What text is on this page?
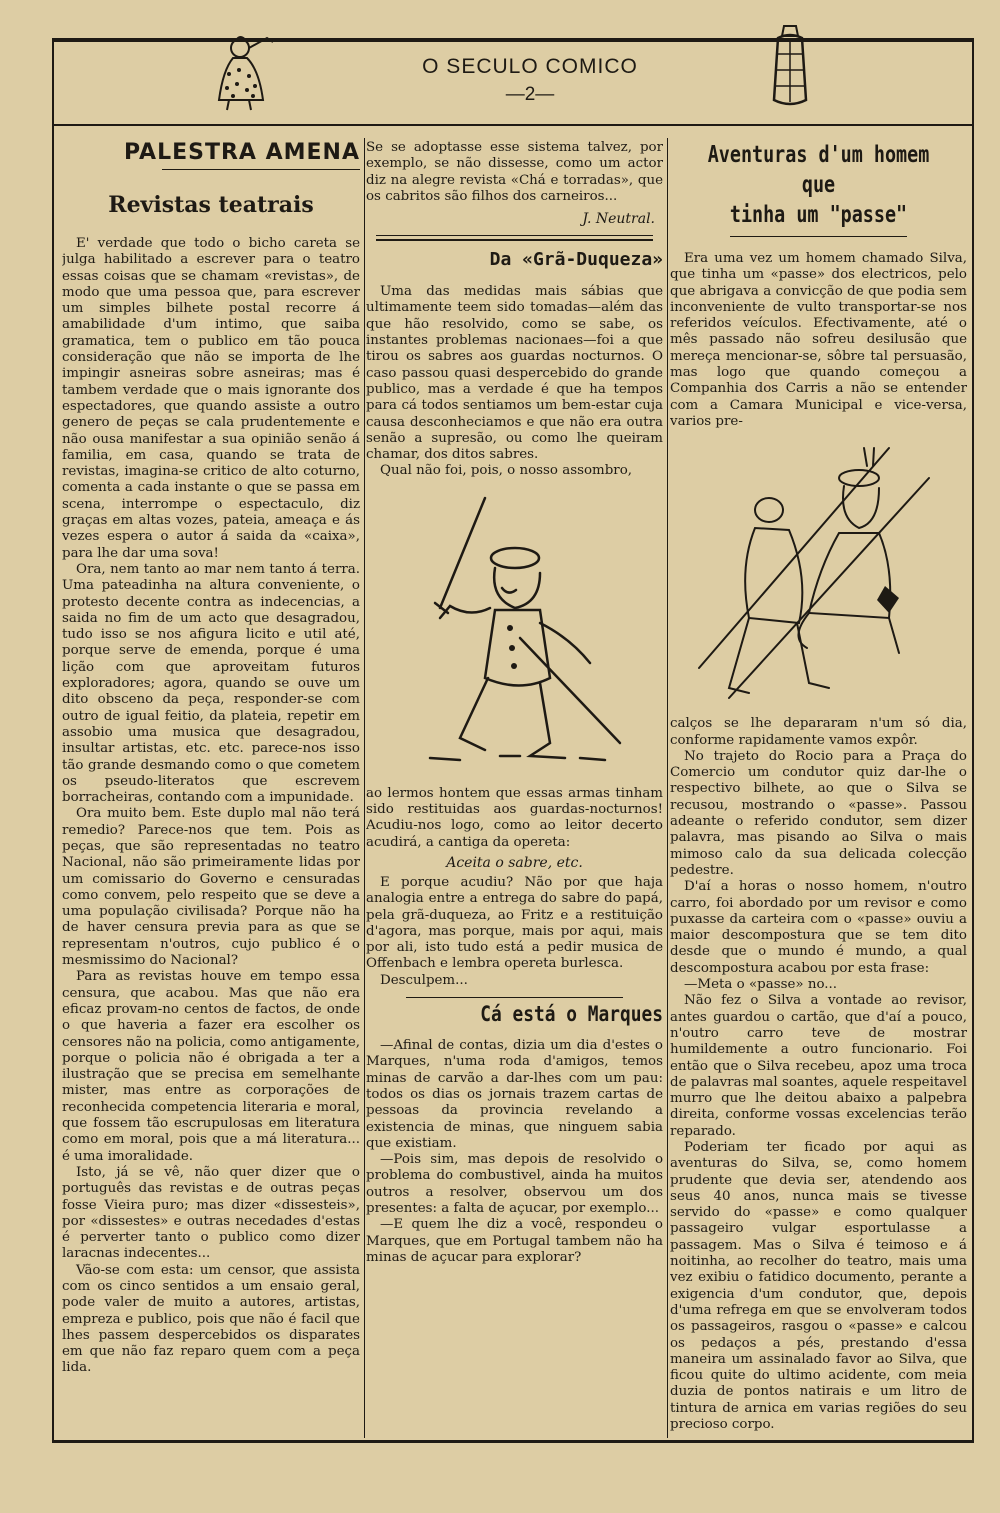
O SECULO COMICO
—2—
PALESTRA AMENA
Revistas teatrais

E' verdade que todo o bicho careta se julga habilitado a escrever para o teatro essas coisas que se chamam «revistas», de modo que uma pessoa que, para escrever um simples bilhete postal recorre á amabilidade d'um intimo, que saiba gramatica, tem o publico em tão pouca consideração que não se importa de lhe impingir asneiras sobre asneiras; mas é tambem verdade que o mais ignorante dos espectadores, que quando assiste a outro genero de peças se cala prudentemente e não ousa manifestar a sua opinião senão á familia, em casa, quando se trata de revistas, imagina-se critico de alto coturno, comenta a cada instante o que se passa em scena, interrompe o espectaculo, diz graças em altas vozes, pateia, ameaça e ás vezes espera o autor á saida da «caixa», para lhe dar uma sova!

Ora, nem tanto ao mar nem tanto á terra. Uma pateadinha na altura conveniente, o protesto decente contra as indecencias, a saida no fim de um acto que desagradou, tudo isso se nos afigura licito e util até, porque serve de emenda, porque é uma lição com que aproveitam futuros exploradores; agora, quando se ouve um dito obsceno da peça, responder-se com outro de igual feitio, da plateia, repetir em assobio uma musica que desagradou, insultar artistas, etc. etc. parece-nos isso tão grande desmando como o que cometem os pseudo-literatos que escrevem borracheiras, contando com a impunidade.

Ora muito bem. Este duplo mal não terá remedio? Parece-nos que tem. Pois as peças, que são representadas no teatro Nacional, não são primeiramente lidas por um comissario do Governo e censuradas como convem, pelo respeito que se deve a uma população civilisada? Porque não ha de haver censura previa para as que se representam n'outros, cujo publico é o mesmissimo do Nacional?

Para as revistas houve em tempo essa censura, que acabou. Mas que não era eficaz provam-no centos de factos, de onde o que haveria a fazer era escolher os censores não na policia, como antigamente, porque o policia não é obrigada a ter a ilustração que se precisa em semelhante mister, mas entre as corporações de reconhecida competencia literaria e moral, que fossem tão escrupulosas em literatura como em moral, pois que a má literatura... é uma imoralidade.

Isto, já se vê, não quer dizer que o português das revistas e de outras peças fosse Vieira puro; mas dizer «dissesteis», por «dissestes» e outras necedades d'estas é perverter tanto o publico como dizer laracnas indecentes...

Vão-se com esta: um censor, que assista com os cinco sentidos a um ensaio geral, pode valer de muito a autores, artistas, empreza e publico, pois que não é facil que lhes passem despercebidos os disparates em que não faz reparo quem com a peça lida.

Se se adoptasse esse sistema talvez, por exemplo, se não dissesse, como um actor diz na alegre revista «Chá e torradas», que os cabritos são filhos dos carneiros...

J. Neutral.

Da «Grã-Duqueza»

Uma das medidas mais sábias que ultimamente teem sido tomadas—além das que hão resolvido, como se sabe, os instantes problemas nacionaes—foi a que tirou os sabres aos guardas nocturnos. O caso passou quasi despercebido do grande publico, mas a verdade é que ha tempos para cá todos sentiamos um bem-estar cuja causa desconheciamos e que não era outra senão a supresão, ou como lhe queiram chamar, dos ditos sabres.

Qual não foi, pois, o nosso assombro,

ao lermos hontem que essas armas tinham sido restituidas aos guardas-nocturnos! Acudiu-nos logo, como ao leitor decerto acudirá, a cantiga da opereta:

Aceita o sabre, etc.

E porque acudiu? Não por que haja analogia entre a entrega do sabre do papá, pela grã-duqueza, ao Fritz e a restituição d'agora, mas porque, mais por aqui, mais por ali, isto tudo está a pedir musica de Offenbach e lembra opereta burlesca.

Desculpem...

Cá está o Marques

—Afinal de contas, dizia um dia d'estes o Marques, n'uma roda d'amigos, temos minas de carvão a dar-lhes com um pau: todos os dias os jornais trazem cartas de pessoas da provincia revelando a existencia de minas, que ninguem sabia que existiam.

—Pois sim, mas depois de resolvido o problema do combustivel, ainda ha muitos outros a resolver, observou um dos presentes: a falta de açucar, por exemplo...

—E quem lhe diz a você, respondeu o Marques, que em Portugal tambem não ha minas de açucar para explorar?

Aventuras d'um homem que
tinha um "passe"

Era uma vez um homem chamado Silva, que tinha um «passe» dos electricos, pelo que abrigava a convicção de que podia sem inconveniente de vulto transportar-se nos referidos veículos. Efectivamente, até o mês passado não sofreu desilusão que mereça mencionar-se, sôbre tal persuasão, mas logo que quando começou a Companhia dos Carris a não se entender com a Camara Municipal e vice-versa, varios pre-

calços se lhe depararam n'um só dia, conforme rapidamente vamos expôr.

No trajeto do Rocio para a Praça do Comercio um condutor quiz dar-lhe o respectivo bilhete, ao que o Silva se recusou, mostrando o «passe». Passou adeante o referido condutor, sem dizer palavra, mas pisando ao Silva o mais mimoso calo da sua delicada colecção pedestre.

D'aí a horas o nosso homem, n'outro carro, foi abordado por um revisor e como puxasse da carteira com o «passe» ouviu a maior descompostura que se tem dito desde que o mundo é mundo, a qual descompostura acabou por esta frase:

—Meta o «passe» no...

Não fez o Silva a vontade ao revisor, antes guardou o cartão, que d'aí a pouco, n'outro carro teve de mostrar humildemente a outro funcionario. Foi então que o Silva recebeu, apoz uma troca de palavras mal soantes, aquele respeitavel murro que lhe deitou abaixo a palpebra direita, conforme vossas excelencias terão reparado.

Poderiam ter ficado por aqui as aventuras do Silva, se, como homem prudente que devia ser, atendendo aos seus 40 anos, nunca mais se tivesse servido do «passe» e como qualquer passageiro vulgar esportulasse a passagem. Mas o Silva é teimoso e á noitinha, ao recolher do teatro, mais uma vez exibiu o fatidico documento, perante a exigencia d'um condutor, que, depois d'uma refrega em que se envolveram todos os passageiros, rasgou o «passe» e calcou os pedaços a pés, prestando d'essa maneira um assinalado favor ao Silva, que ficou quite do ultimo acidente, com meia duzia de pontos natirais e um litro de tintura de arnica em varias regiões do seu precioso corpo.
